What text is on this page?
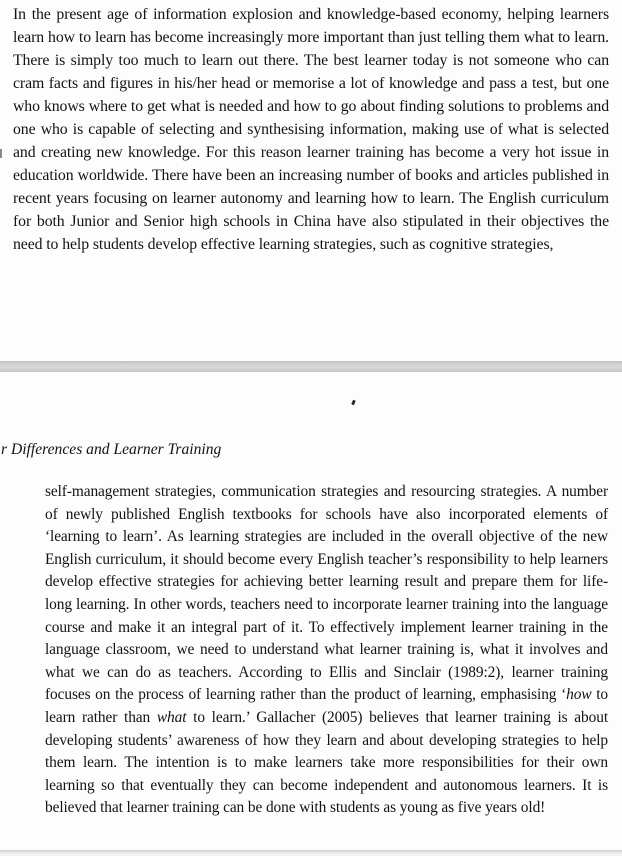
In the present age of information explosion and knowledge-based economy, helping learners learn how to learn has become increasingly more important than just telling them what to learn. There is simply too much to learn out there. The best learner today is not someone who can cram facts and figures in his/her head or memorise a lot of knowledge and pass a test, but one who knows where to get what is needed and how to go about finding solutions to problems and one who is capable of selecting and synthesising information, making use of what is selected and creating new knowledge. For this reason learner training has become a very hot issue in education worldwide. There have been an increasing number of books and articles published in recent years focusing on learner autonomy and learning how to learn. The English curriculum for both Junior and Senior high schools in China have also stipulated in their objectives the need to help students develop effective learning strategies, such as cognitive strategies,

r Differences and Learner Training

self-management strategies, communication strategies and resourcing strategies. A number of newly published English textbooks for schools have also incorporated elements of ‘learning to learn’. As learning strategies are included in the overall objective of the new English curriculum, it should become every English teacher’s responsibility to help learners develop effective strategies for achieving better learning result and prepare them for life-long learning. In other words, teachers need to incorporate learner training into the language course and make it an integral part of it. To effectively implement learner training in the language classroom, we need to understand what learner training is, what it involves and what we can do as teachers. According to Ellis and Sinclair (1989:2), learner training focuses on the process of learning rather than the product of learning, emphasising ‘how to learn rather than what to learn.’ Gallacher (2005) believes that learner training is about developing students’ awareness of how they learn and about developing strategies to help them learn. The intention is to make learners take more responsibilities for their own learning so that eventually they can become independent and autonomous learners. It is believed that learner training can be done with students as young as five years old!
